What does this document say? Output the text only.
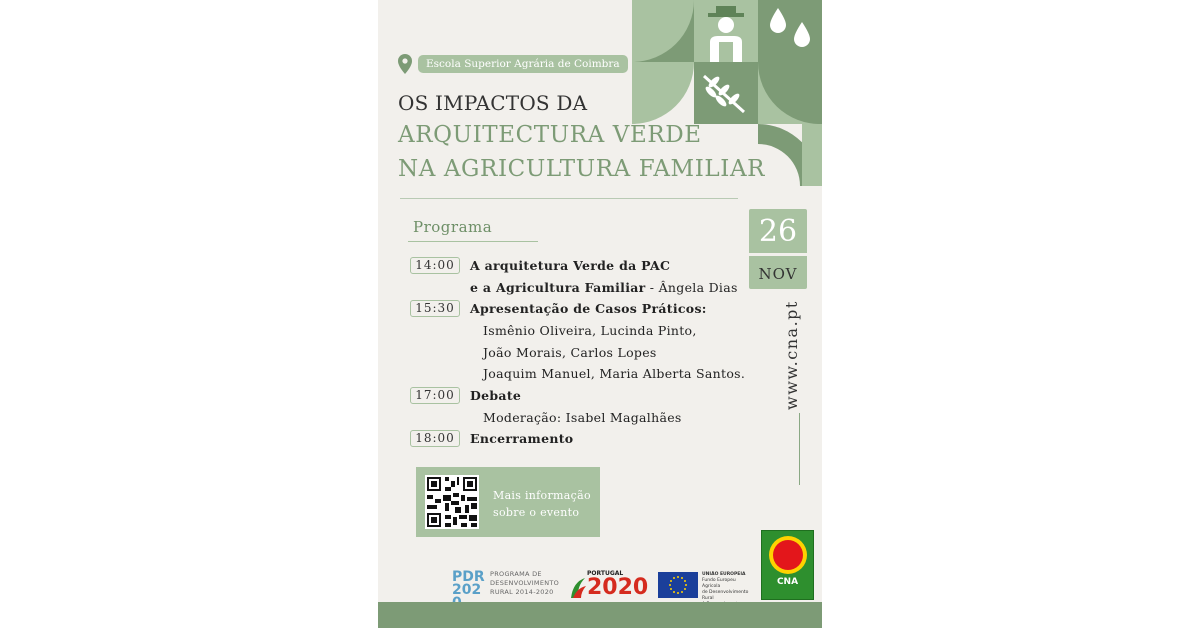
Escola Superior Agrária de Coimbra
OS IMPACTOS DA
ARQUITECTURA VERDE
NA AGRICULTURA FAMILIAR
Programa	26
NOV
www.cna.pt
14:00	A arquitetura Verde da PAC
e a Agricultura Familiar - Ângela Dias
15:30	Apresentação de Casos Práticos:
Ismênio Oliveira, Lucinda Pinto,
João Morais, Carlos Lopes
Joaquim Manuel, Maria Alberta Santos.
17:00	Debate
Moderação: Isabel Magalhães
18:00	Encerramento
Mais informação
sobre o evento
PDR 202
PROGRAMA DE
DESENVOLVIMENTO
RURAL 2014-2020
PORTUGAL
2020
UNIÃO EUROPEIA
Fundo Europeu Agrícola
de Desenvolvimento Rural
CNA
